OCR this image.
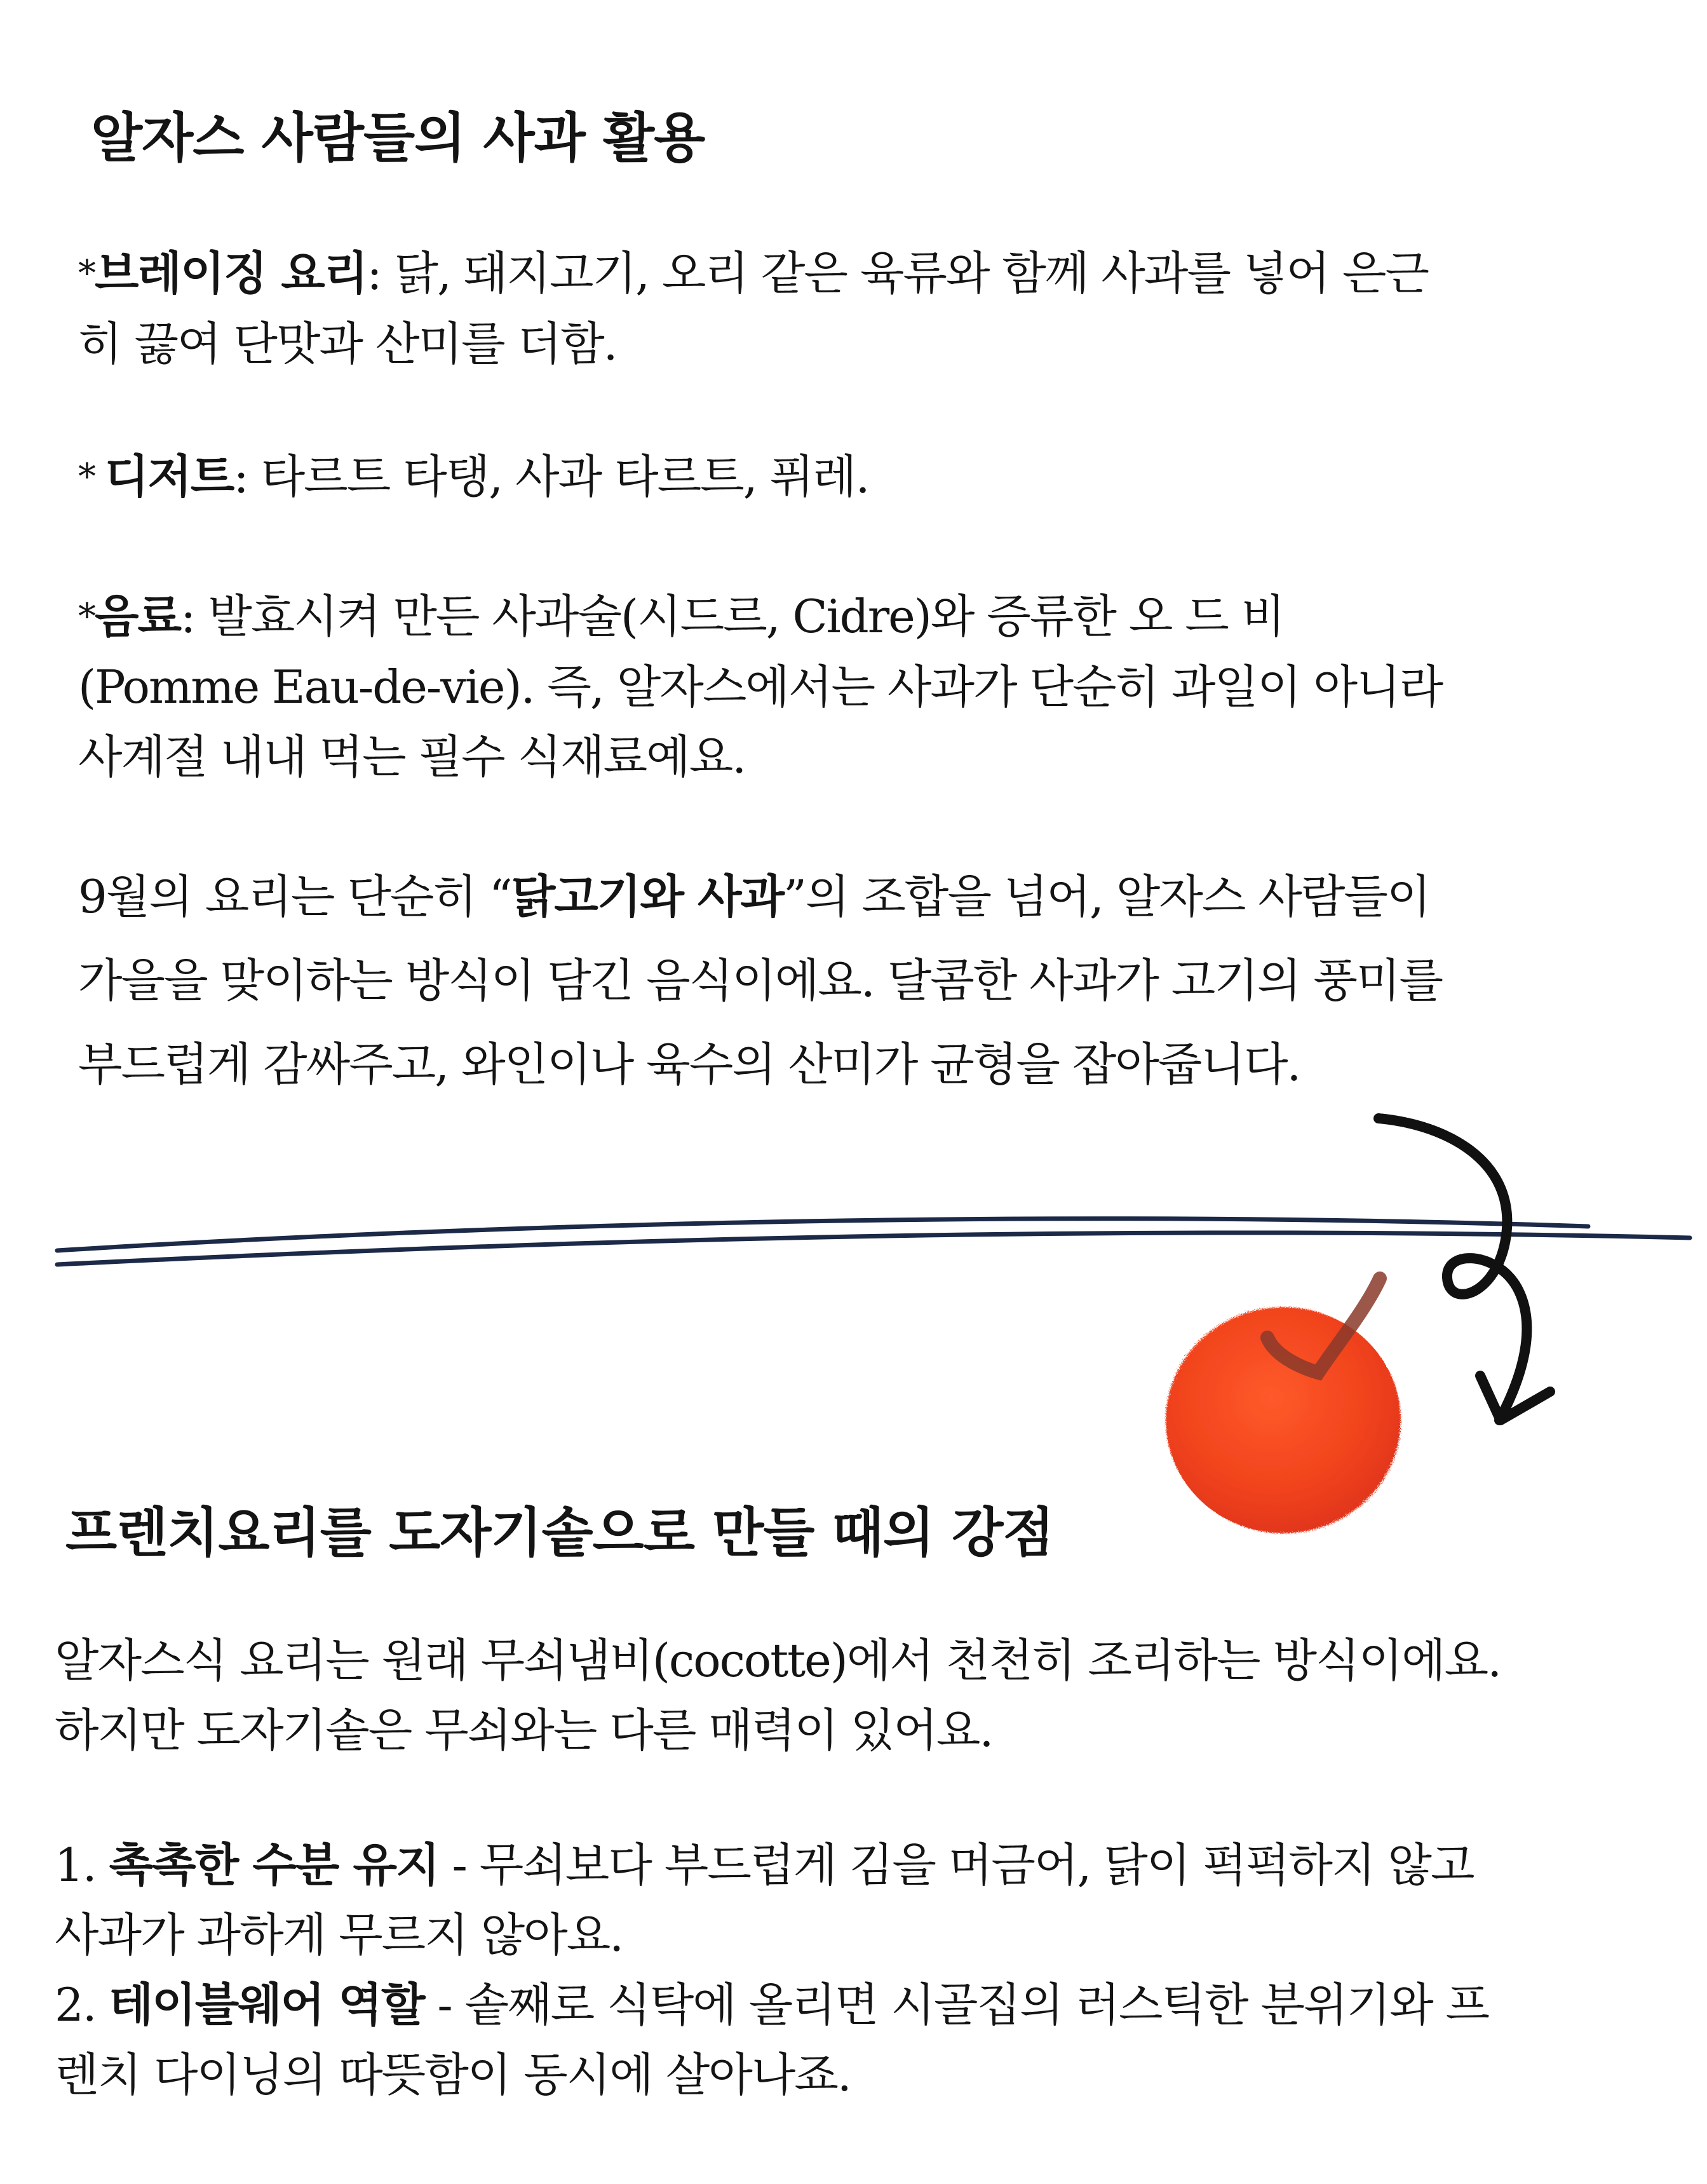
알자스 사람들의 사과 활용
*브레이징 요리: 닭, 돼지고기, 오리 같은 육류와 함께 사과를 넣어 은근
히 끓여 단맛과 산미를 더함.
* 디저트: 타르트 타탱, 사과 타르트, 퓌레.
*음료: 발효시켜 만든 사과술(시드르, Cidre)와 증류한 오 드 비
(Pomme Eau-de-vie). 즉, 알자스에서는 사과가 단순히 과일이 아니라
사계절 내내 먹는 필수 식재료예요.
9월의 요리는 단순히 “닭고기와 사과”의 조합을 넘어, 알자스 사람들이
가을을 맞이하는 방식이 담긴 음식이에요. 달콤한 사과가 고기의 풍미를
부드럽게 감싸주고, 와인이나 육수의 산미가 균형을 잡아줍니다.
프렌치요리를 도자기솥으로 만들 때의 강점
알자스식 요리는 원래 무쇠냄비(cocotte)에서 천천히 조리하는 방식이에요.
하지만 도자기솥은 무쇠와는 다른 매력이 있어요.
1. 촉촉한 수분 유지 - 무쇠보다 부드럽게 김을 머금어, 닭이 퍽퍽하지 않고
사과가 과하게 무르지 않아요.
2. 테이블웨어 역할 - 솥째로 식탁에 올리면 시골집의 러스틱한 분위기와 프
렌치 다이닝의 따뜻함이 동시에 살아나죠.
